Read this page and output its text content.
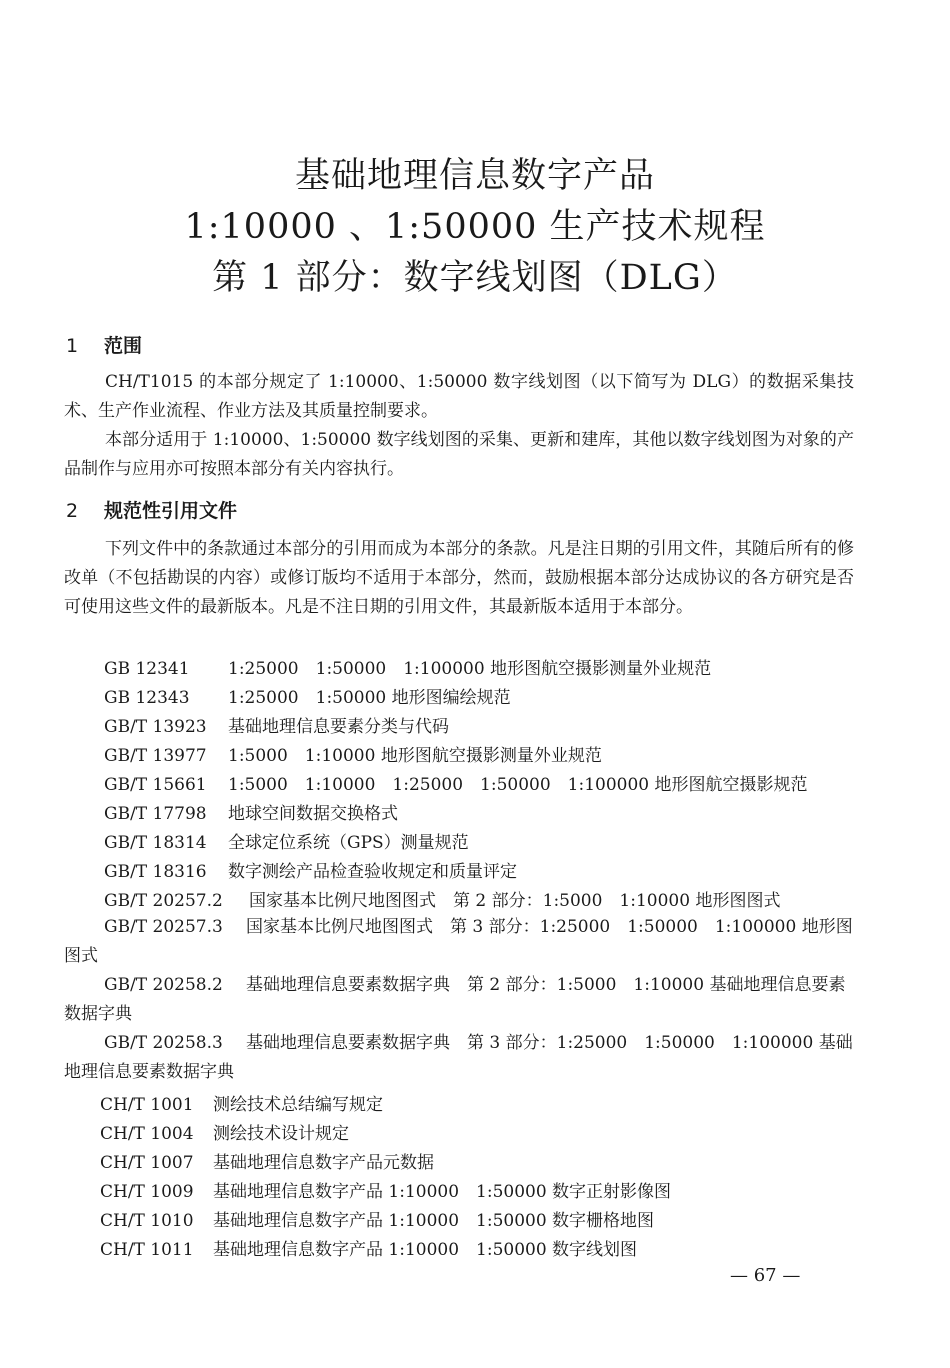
基础地理信息数字产品
1:10000 、1:50000 生产技术规程
第 1 部分：数字线划图（DLG）
1 范围

CH/T1015 的本部分规定了 1:10000、1:50000 数字线划图（以下简写为 DLG）的数据采集技术、生产作业流程、作业方法及其质量控制要求。

本部分适用于 1:10000、1:50000 数字线划图的采集、更新和建库，其他以数字线划图为对象的产品制作与应用亦可按照本部分有关内容执行。

2 规范性引用文件

下列文件中的条款通过本部分的引用而成为本部分的条款。凡是注日期的引用文件，其随后所有的修改单（不包括勘误的内容）或修订版均不适用于本部分，然而，鼓励根据本部分达成协议的各方研究是否可使用这些文件的最新版本。凡是不注日期的引用文件，其最新版本适用于本部分。

GB 12341 1:25000　1:50000　1:100000 地形图航空摄影测量外业规范
GB 12343 1:25000　1:50000 地形图编绘规范
GB/T 13923 基础地理信息要素分类与代码
GB/T 13977 1:5000　1:10000 地形图航空摄影测量外业规范
GB/T 15661 1:5000　1:10000　1:25000　1:50000　1:100000 地形图航空摄影规范
GB/T 17798 地球空间数据交换格式
GB/T 18314 全球定位系统（GPS）测量规范
GB/T 18316 数字测绘产品检查验收规定和质量评定
GB/T 20257.2 国家基本比例尺地图图式　第 2 部分：1:5000　1:10000 地形图图式

GB/T 20257.3 国家基本比例尺地图图式　第 3 部分：1:25000　1:50000　1:100000 地形图图式

GB/T 20258.2 基础地理信息要素数据字典　第 2 部分：1:5000　1:10000 基础地理信息要素数据字典

GB/T 20258.3 基础地理信息要素数据字典　第 3 部分：1:25000　1:50000　1:100000 基础地理信息要素数据字典

CH/T 1001 测绘技术总结编写规定
CH/T 1004 测绘技术设计规定
CH/T 1007 基础地理信息数字产品元数据
CH/T 1009 基础地理信息数字产品 1:10000　1:50000 数字正射影像图
CH/T 1010 基础地理信息数字产品 1:10000　1:50000 数字栅格地图
CH/T 1011 基础地理信息数字产品 1:10000　1:50000 数字线划图
— 67 —
